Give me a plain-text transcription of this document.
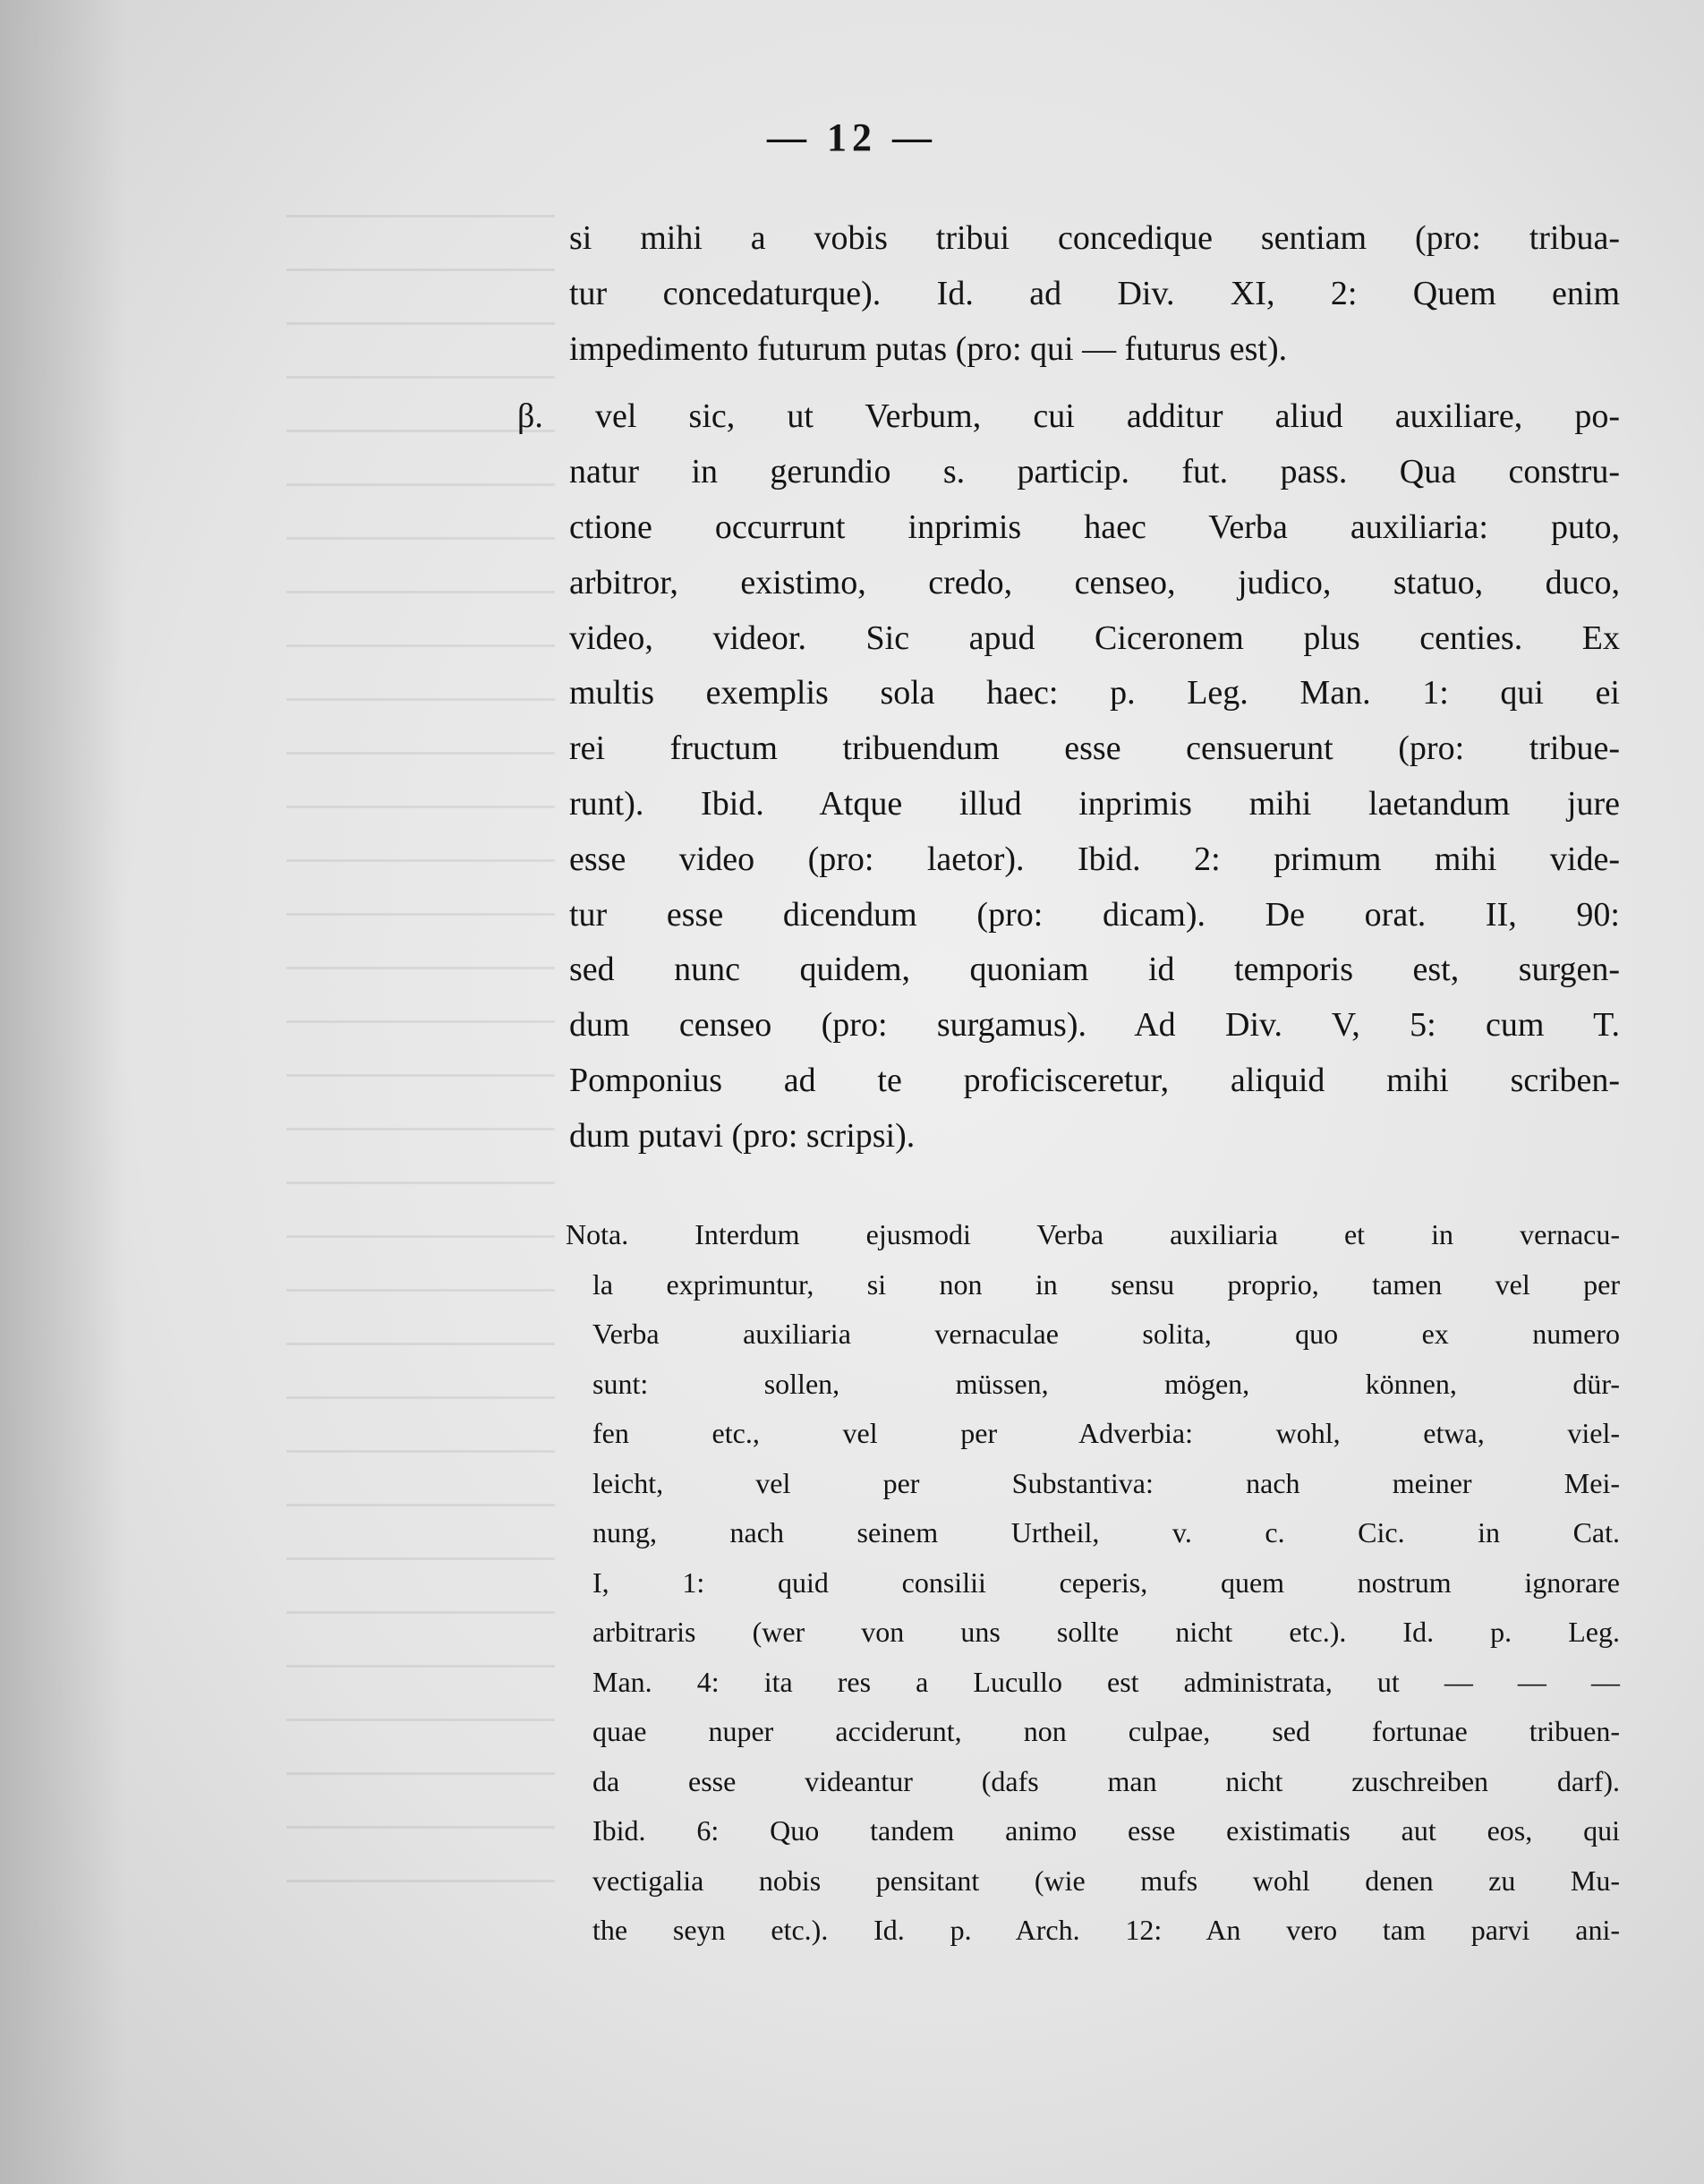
— 12 —
si mihi a vobis tribui concedique sentiam (pro: tribua-
tur concedaturque). Id. ad Div. XI, 2: Quem enim
impedimento futurum putas (pro: qui — futurus est).
β. vel sic, ut Verbum, cui additur aliud auxiliare, po-
natur in gerundio s. particip. fut. pass. Qua constru-
ctione occurrunt inprimis haec Verba auxiliaria: puto,
arbitror, existimo, credo, censeo, judico, statuo, duco,
video, videor. Sic apud Ciceronem plus centies. Ex
multis exemplis sola haec: p. Leg. Man. 1: qui ei
rei fructum tribuendum esse censuerunt (pro: tribue-
runt). Ibid. Atque illud inprimis mihi laetandum jure
esse video (pro: laetor). Ibid. 2: primum mihi vide-
tur esse dicendum (pro: dicam). De orat. II, 90:
sed nunc quidem, quoniam id temporis est, surgen-
dum censeo (pro: surgamus). Ad Div. V, 5: cum T.
Pomponius ad te proficisceretur, aliquid mihi scriben-
dum putavi (pro: scripsi).
Nota. Interdum ejusmodi Verba auxiliaria et in vernacu-
la exprimuntur, si non in sensu proprio, tamen vel per
Verba auxiliaria vernaculae solita, quo ex numero
sunt: sollen, müssen, mögen, können, dür-
fen etc., vel per Adverbia: wohl, etwa, viel-
leicht, vel per Substantiva: nach meiner Mei-
nung, nach seinem Urtheil, v. c. Cic. in Cat.
I, 1: quid consilii ceperis, quem nostrum ignorare
arbitraris (wer von uns sollte nicht etc.). Id. p. Leg.
Man. 4: ita res a Lucullo est administrata, ut — — —
quae nuper acciderunt, non culpae, sed fortunae tribuen-
da esse videantur (dafs man nicht zuschreiben darf).
Ibid. 6: Quo tandem animo esse existimatis aut eos, qui
vectigalia nobis pensitant (wie mufs wohl denen zu Mu-
the seyn etc.). Id. p. Arch. 12: An vero tam parvi ani-
